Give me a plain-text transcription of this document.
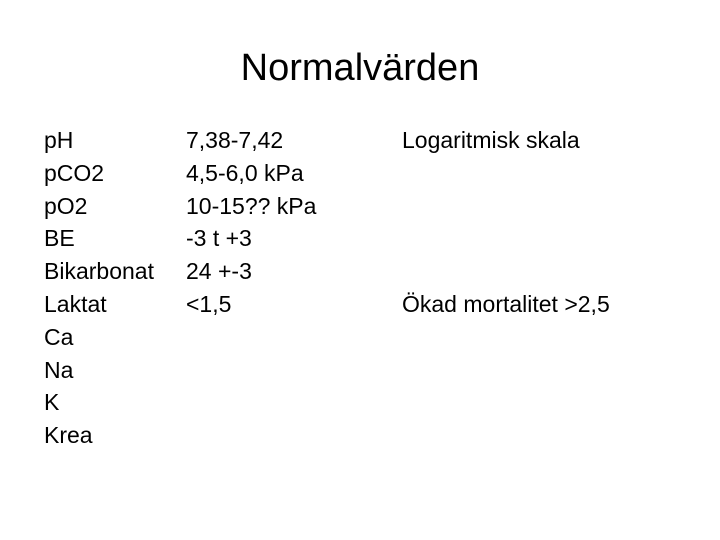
Normalvärden
pH
pCO2
pO2
BE
Bikarbonat
Laktat
Ca
Na
K
Krea
7,38-7,42
4,5-6,0 kPa
10-15?? kPa
-3 t +3
24 +-3
<1,5
Logaritmisk skala
Ökad mortalitet >2,5
